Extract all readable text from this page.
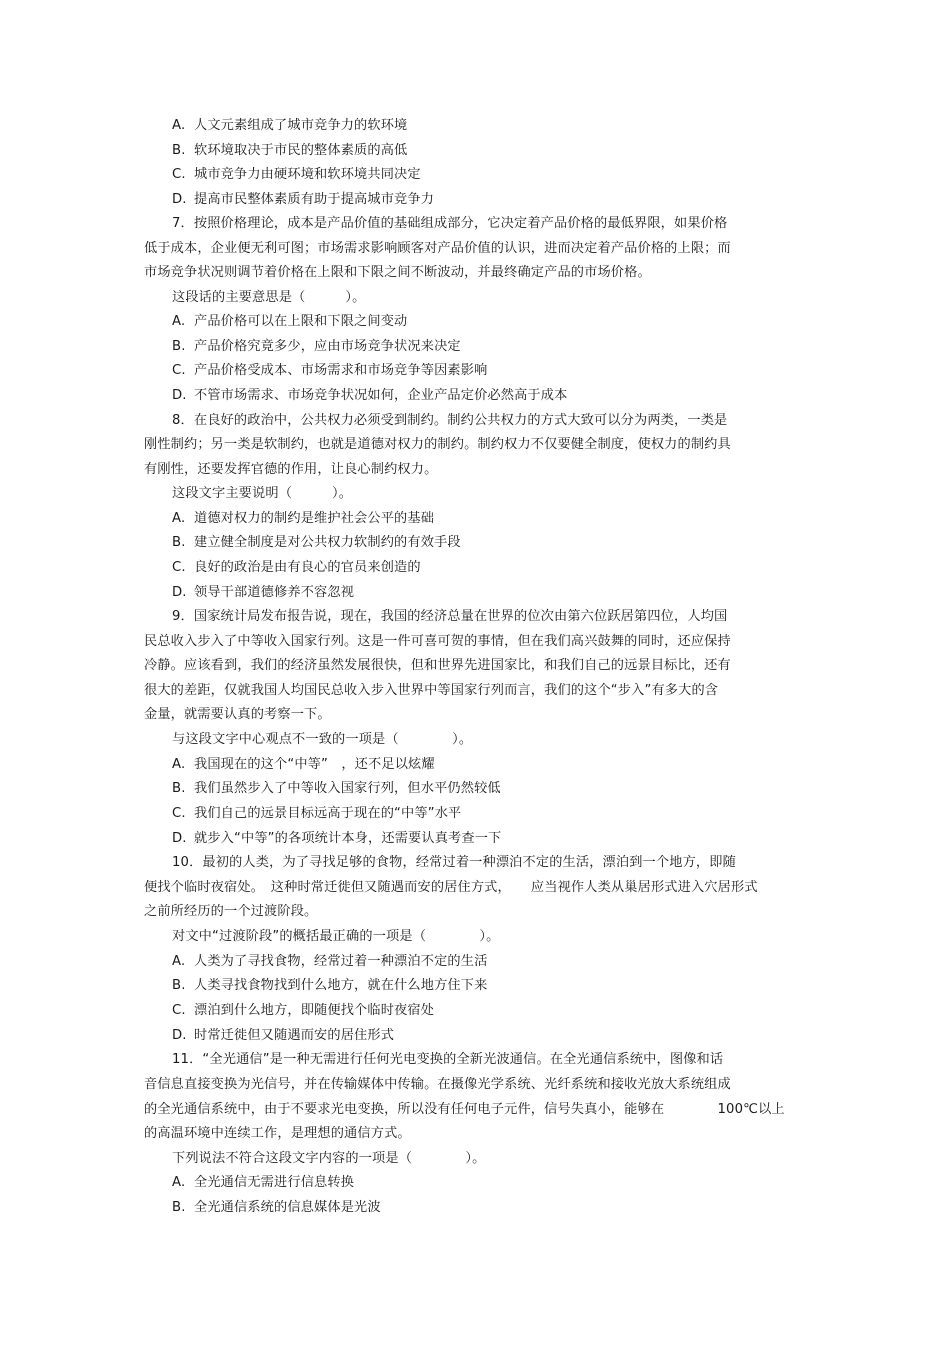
A. 人文元素组成了城市竞争力的软环境
B. 软环境取决于市民的整体素质的高低
C. 城市竞争力由硬环境和软环境共同决定
D. 提高市民整体素质有助于提高城市竞争力
7．按照价格理论，成本是产品价值的基础组成部分，它决定着产品价格的最低界限，如果价格
低于成本，企业便无利可图；市场需求影响顾客对产品价值的认识，进而决定着产品价格的上限；而
市场竞争状况则调节着价格在上限和下限之间不断波动，并最终确定产品的市场价格。
这段话的主要意思是（　　　）。
A. 产品价格可以在上限和下限之间变动
B. 产品价格究竟多少，应由市场竞争状况来决定
C. 产品价格受成本、市场需求和市场竞争等因素影响
D. 不管市场需求、市场竞争状况如何，企业产品定价必然高于成本
8．在良好的政治中，公共权力必须受到制约。制约公共权力的方式大致可以分为两类，一类是
刚性制约；另一类是软制约，也就是道德对权力的制约。制约权力不仅要健全制度，使权力的制约具
有刚性，还要发挥官德的作用，让良心制约权力。
这段文字主要说明（　　　）。
A. 道德对权力的制约是维护社会公平的基础
B. 建立健全制度是对公共权力软制约的有效手段
C. 良好的政治是由有良心的官员来创造的
D. 领导干部道德修养不容忽视
9．国家统计局发布报告说，现在，我国的经济总量在世界的位次由第六位跃居第四位，人均国
民总收入步入了中等收入国家行列。这是一件可喜可贺的事情，但在我们高兴鼓舞的同时，还应保持
冷静。应该看到，我们的经济虽然发展很快，但和世界先进国家比，和我们自己的远景目标比，还有
很大的差距，仅就我国人均国民总收入步入世界中等国家行列而言，我们的这个“步入”有多大的含
金量，就需要认真的考察一下。
与这段文字中心观点不一致的一项是（　　　　）。
A. 我国现在的这个“中等”　，还不足以炫耀
B. 我们虽然步入了中等收入国家行列，但水平仍然较低
C. 我们自己的远景目标远高于现在的“中等”水平
D. 就步入“中等”的各项统计本身，还需要认真考查一下
10．最初的人类，为了寻找足够的食物，经常过着一种漂泊不定的生活，漂泊到一个地方，即随
便找个临时夜宿处。　这种时常迁徙但又随遇而安的居住方式，　　应当视作人类从巢居形式进入穴居形式
之前所经历的一个过渡阶段。
对文中“过渡阶段”的概括最正确的一项是（　　　　）。
A. 人类为了寻找食物，经常过着一种漂泊不定的生活
B. 人类寻找食物找到什么地方，就在什么地方住下来
C. 漂泊到什么地方，即随便找个临时夜宿处
D. 时常迁徙但又随遇而安的居住形式
11．“全光通信”是一种无需进行任何光电变换的全新光波通信。在全光通信系统中，图像和话
音信息直接变换为光信号，并在传输媒体中传输。在摄像光学系统、光纤系统和接收光放大系统组成
的全光通信系统中，由于不要求光电变换，所以没有任何电子元件，信号失真小，能够在　　　　100℃以上
的高温环境中连续工作，是理想的通信方式。
下列说法不符合这段文字内容的一项是（　　　　）。
A. 全光通信无需进行信息转换
B. 全光通信系统的信息媒体是光波
